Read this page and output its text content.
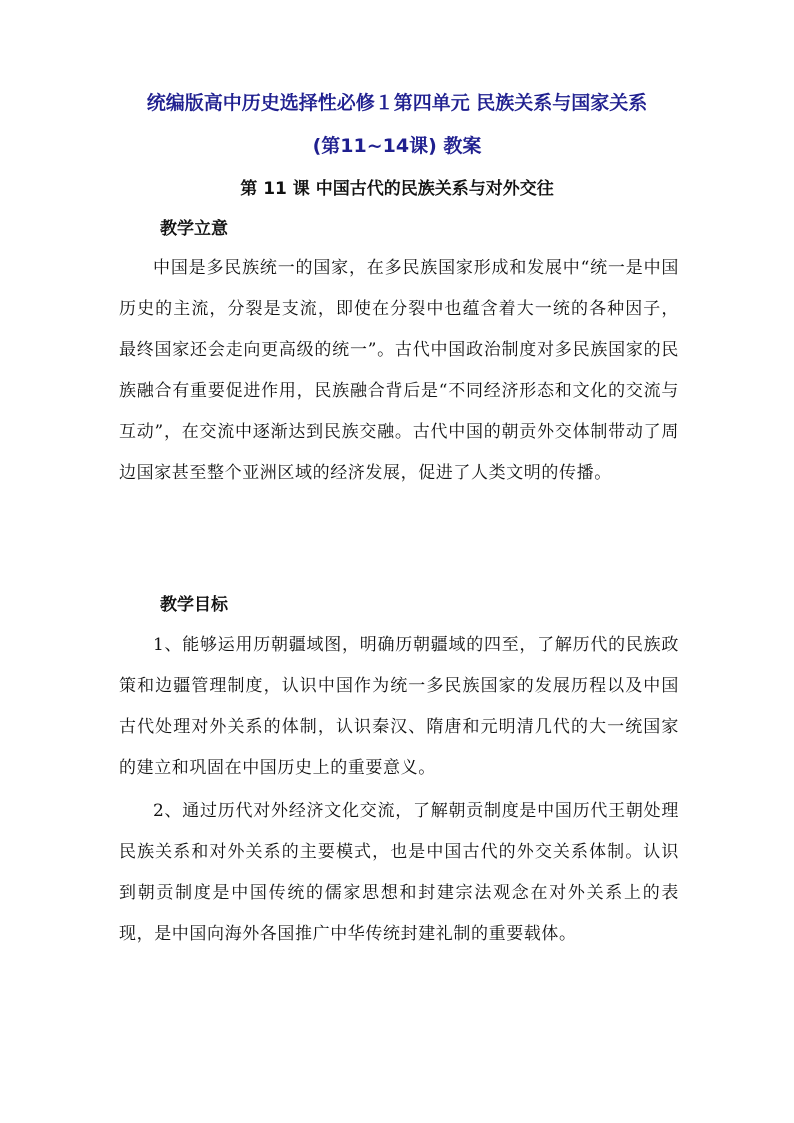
统编版高中历史选择性必修１第四单元 民族关系与国家关系
(第11~14课) 教案
第 11 课 中国古代的民族关系与对外交往
教学立意

中国是多民族统一的国家，在多民族国家形成和发展中“统一是中国历史的主流，分裂是支流，即使在分裂中也蕴含着大一统的各种因子，最终国家还会走向更高级的统一”。古代中国政治制度对多民族国家的民族融合有重要促进作用，民族融合背后是“不同经济形态和文化的交流与互动”，在交流中逐渐达到民族交融。古代中国的朝贡外交体制带动了周边国家甚至整个亚洲区域的经济发展，促进了人类文明的传播。

教学目标

1、能够运用历朝疆域图，明确历朝疆域的四至，了解历代的民族政策和边疆管理制度，认识中国作为统一多民族国家的发展历程以及中国古代处理对外关系的体制，认识秦汉、隋唐和元明清几代的大一统国家的建立和巩固在中国历史上的重要意义。

2、通过历代对外经济文化交流，了解朝贡制度是中国历代王朝处理民族关系和对外关系的主要模式，也是中国古代的外交关系体制。认识到朝贡制度是中国传统的儒家思想和封建宗法观念在对外关系上的表现，是中国向海外各国推广中华传统封建礼制的重要载体。
